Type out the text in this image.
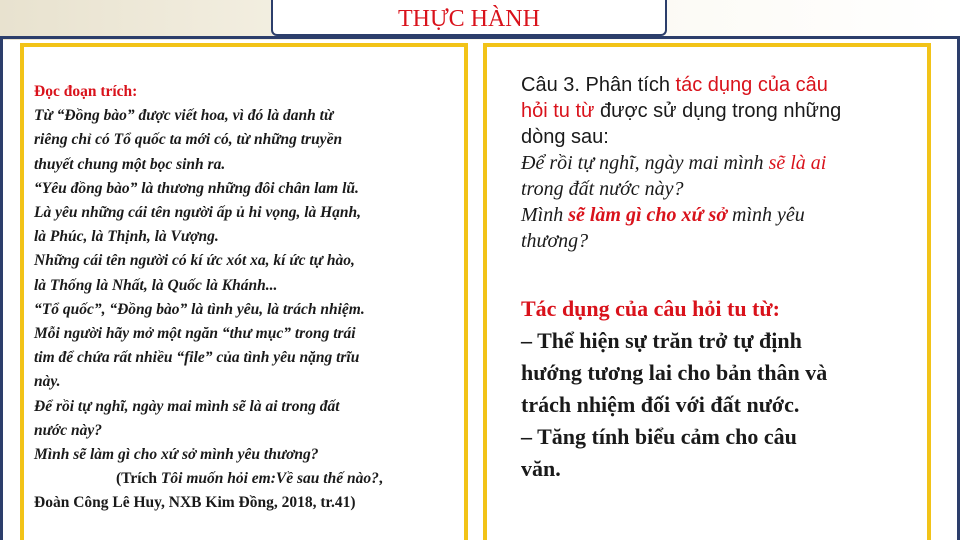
THỰC HÀNH
Đọc đoạn trích:
Từ “Đồng bào” được viết hoa, vì đó là danh từ
riêng chỉ có Tổ quốc ta mới có, từ những truyền
thuyết chung một bọc sinh ra.
“Yêu đồng bào” là thương những đôi chân lam lũ.
Là yêu những cái tên người ấp ủ hi vọng, là Hạnh,
là Phúc, là Thịnh, là Vượng.
Những cái tên người có kí ức xót xa, kí ức tự hào,
là Thống là Nhất, là Quốc là Khánh...
“Tổ quốc”, “Đồng bào” là tình yêu, là trách nhiệm.
Mỗi người hãy mở một ngăn “thư mục” trong trái
tim để chứa rất nhiều “file” của tình yêu nặng trĩu
này.
Để rồi tự nghĩ, ngày mai mình sẽ là ai trong đất
nước này?
Mình sẽ làm gì cho xứ sở mình yêu thương?
(Trích Tôi muốn hỏi em:Về sau thế nào?,
Đoàn Công Lê Huy, NXB Kim Đồng, 2018, tr.41)
Câu 3. Phân tích tác dụng của câu
hỏi tu từ được sử dụng trong những
dòng sau:
Để rồi tự nghĩ, ngày mai mình sẽ là ai
trong đất nước này?
Mình sẽ làm gì cho xứ sở mình yêu
thương?
Tác dụng của câu hỏi tu từ:
– Thể hiện sự trăn trở tự định
hướng tương lai cho bản thân và
trách nhiệm đối với đất nước.
– Tăng tính biểu cảm cho câu
văn.
